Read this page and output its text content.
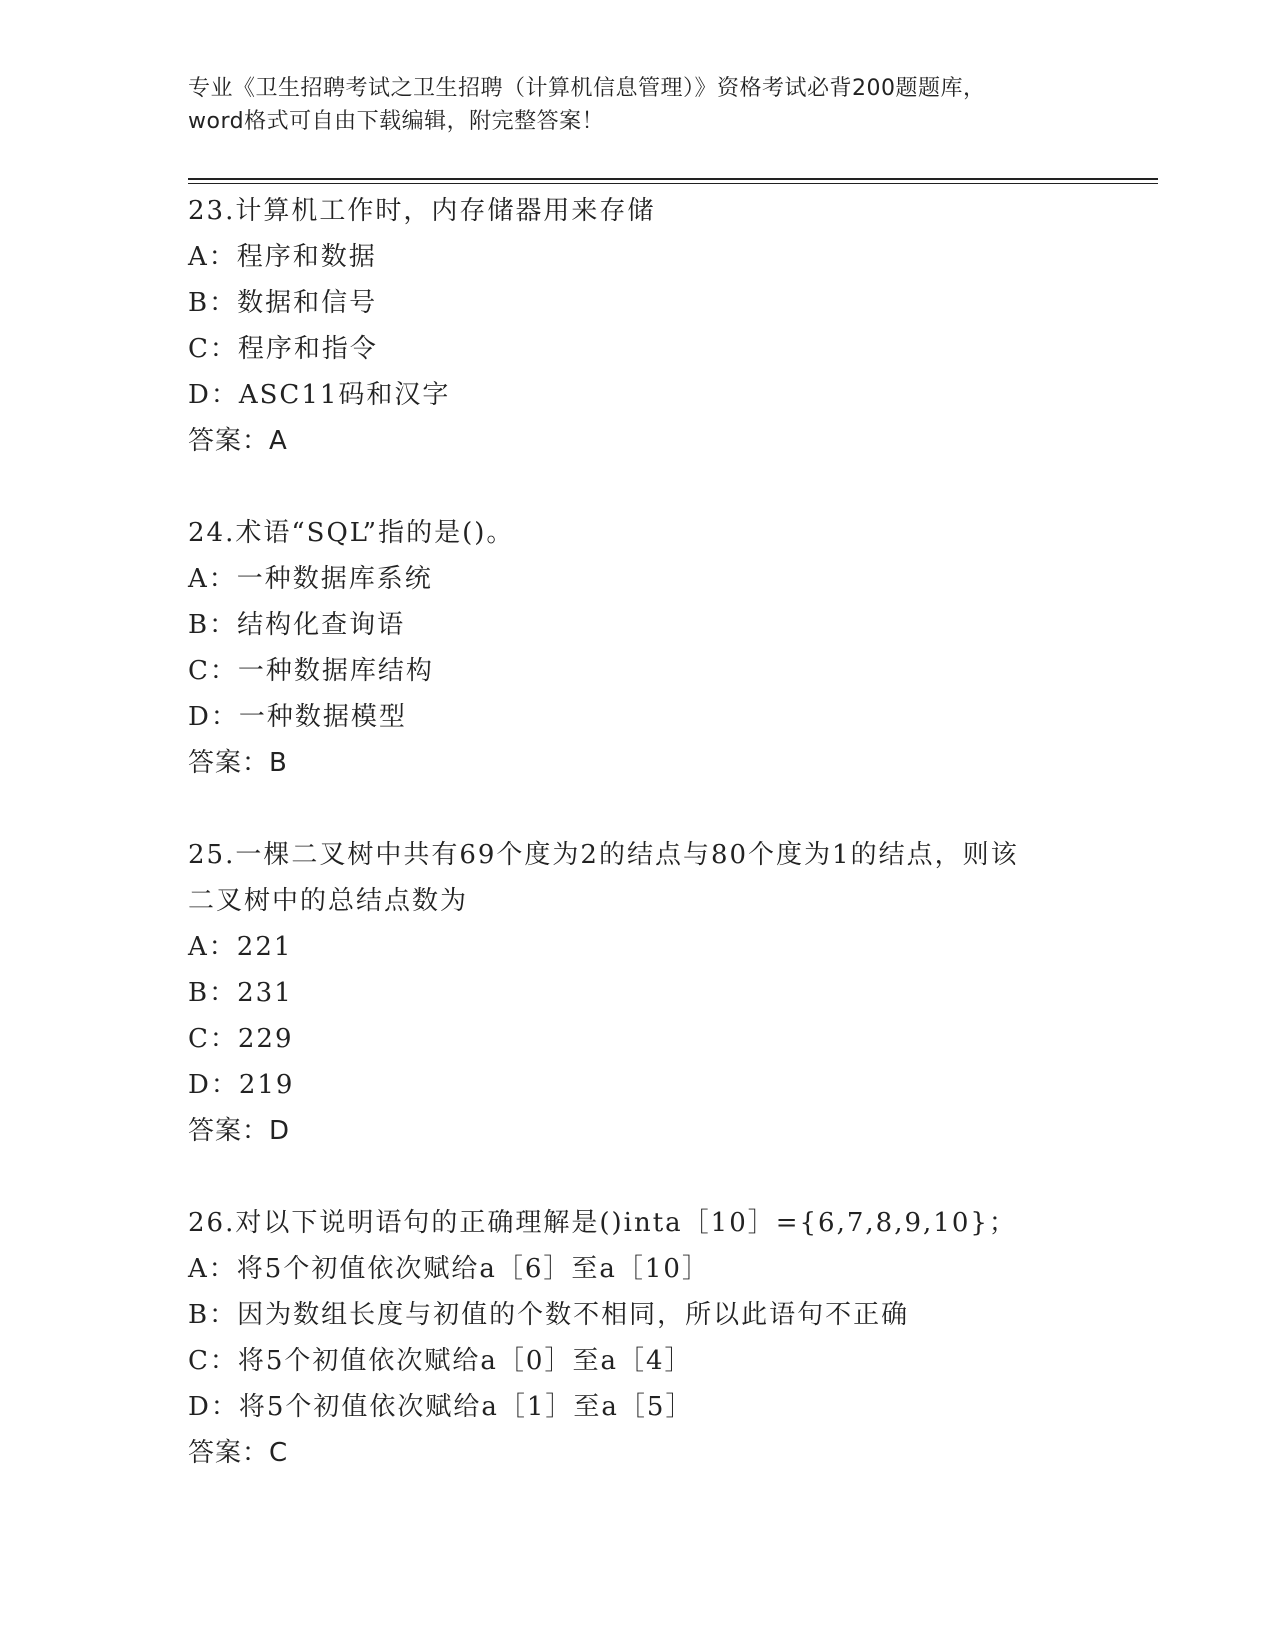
专业《卫生招聘考试之卫生招聘（计算机信息管理）》资格考试必背200题题库，
word格式可自由下载编辑，附完整答案！
23.计算机工作时，内存储器用来存储
A：程序和数据
B：数据和信号
C：程序和指令
D：ASC11码和汉字
答案：A
24.术语“SQL”指的是()。
A：一种数据库系统
B：结构化查询语
C：一种数据库结构
D：一种数据模型
答案：B
25.一棵二叉树中共有69个度为2的结点与80个度为1的结点，则该
二叉树中的总结点数为
A：221
B：231
C：229
D：219
答案：D
26.对以下说明语句的正确理解是()inta［10］={6,7,8,9,10}；
A：将5个初值依次赋给a［6］至a［10］
B：因为数组长度与初值的个数不相同，所以此语句不正确
C：将5个初值依次赋给a［0］至a［4］
D：将5个初值依次赋给a［1］至a［5］
答案：C
